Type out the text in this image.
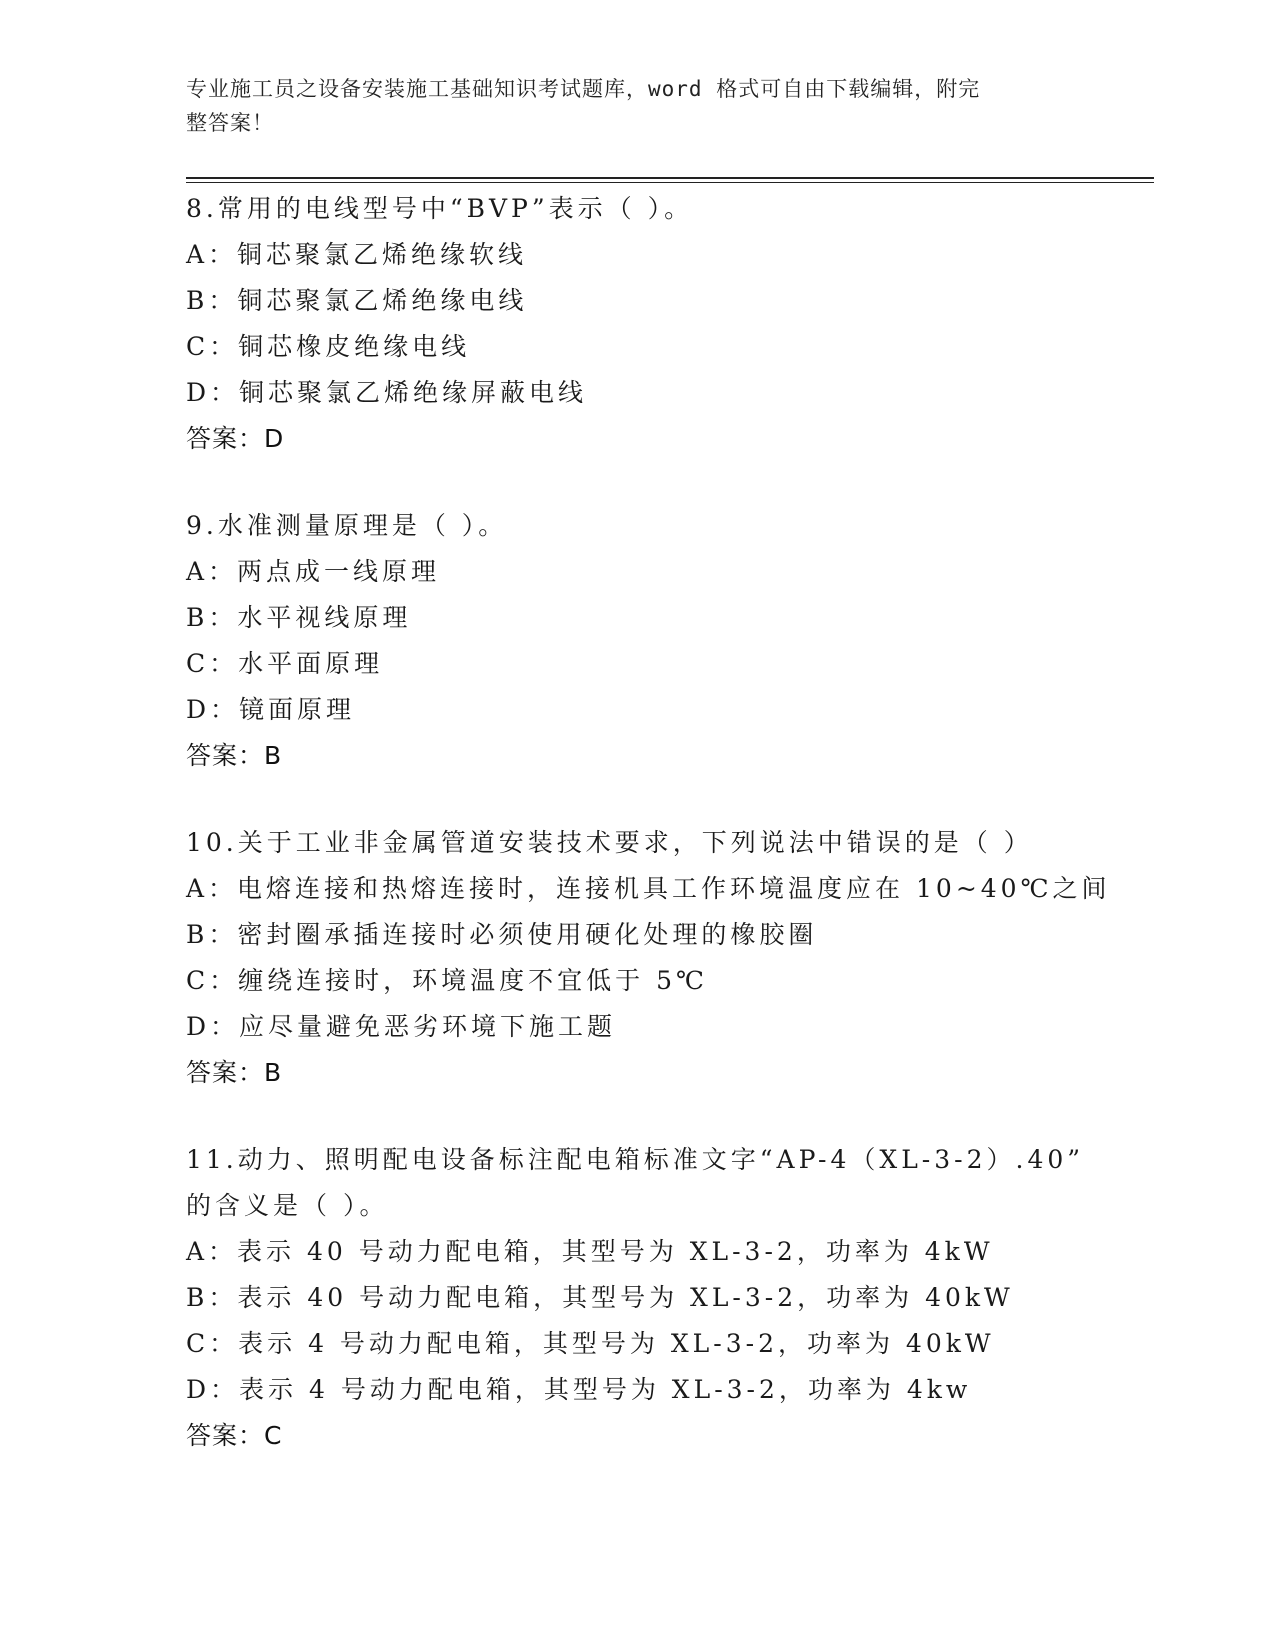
专业施工员之设备安装施工基础知识考试题库，word 格式可自由下载编辑，附完
整答案！
8.常用的电线型号中“BVP”表示（ ）。
A：铜芯聚氯乙烯绝缘软线
B：铜芯聚氯乙烯绝缘电线
C：铜芯橡皮绝缘电线
D：铜芯聚氯乙烯绝缘屏蔽电线
答案：D
9.水准测量原理是（ ）。
A：两点成一线原理
B：水平视线原理
C：水平面原理
D：镜面原理
答案：B
10.关于工业非金属管道安装技术要求，下列说法中错误的是（ ）
A：电熔连接和热熔连接时，连接机具工作环境温度应在 10~40℃之间
B：密封圈承插连接时必须使用硬化处理的橡胶圈
C：缠绕连接时，环境温度不宜低于 5℃
D：应尽量避免恶劣环境下施工题
答案：B
11.动力、照明配电设备标注配电箱标准文字“AP-4（XL-3-2）.40”
的含义是（ ）。
A：表示 40 号动力配电箱，其型号为 XL-3-2，功率为 4kW
B：表示 40 号动力配电箱，其型号为 XL-3-2，功率为 40kW
C：表示 4 号动力配电箱，其型号为 XL-3-2，功率为 40kW
D：表示 4 号动力配电箱，其型号为 XL-3-2，功率为 4kw
答案：C
